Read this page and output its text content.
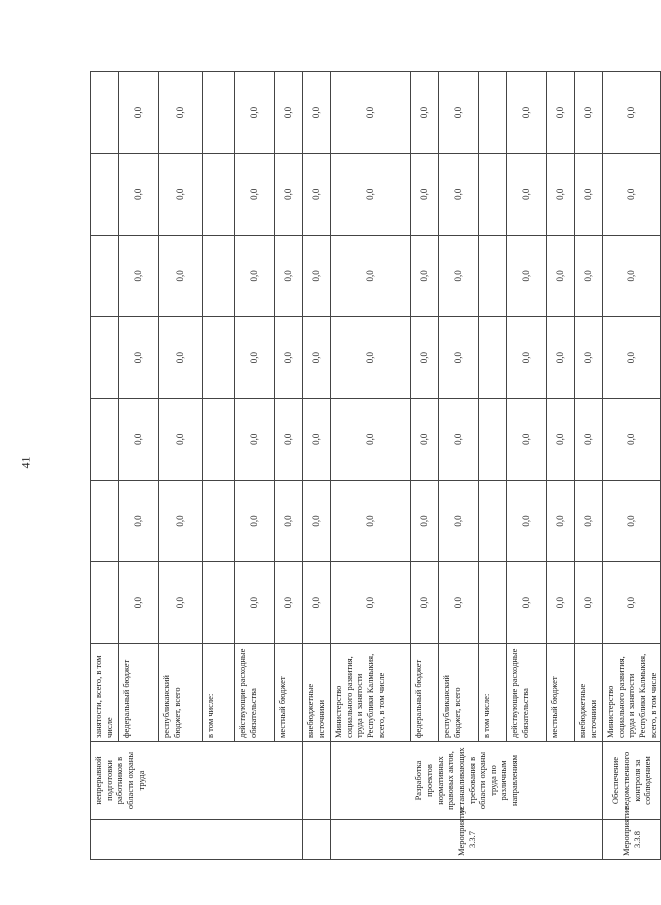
41
	непрерывной подготовки работников в области охраны труда	занятости, всего, в том числе							
		федеральный бюджет	0,0	0,0	0,0	0,0	0,0	0,0	0,0
		республиканский бюджет, всего	0,0	0,0	0,0	0,0	0,0	0,0	0,0
		в том числе:							
		действующие расходные обязательства	0,0	0,0	0,0	0,0	0,0	0,0	0,0
		местный бюджет	0,0	0,0	0,0	0,0	0,0	0,0	0,0
		внебюджетные источники	0,0	0,0	0,0	0,0	0,0	0,0	0,0
Мероприятие 3.3.7	Разработка проектов нормативных правовых актов, устанавливающих требования в области охраны труда по различным направлениям	Министерство социального развития, труда и занятости Республики Калмыкия, всего, в том числе	0,0	0,0	0,0	0,0	0,0	0,0	0,0
		федеральный бюджет	0,0	0,0	0,0	0,0	0,0	0,0	0,0
		республиканский бюджет, всего	0,0	0,0	0,0	0,0	0,0	0,0	0,0
		в том числе:							
		действующие расходные обязательства	0,0	0,0	0,0	0,0	0,0	0,0	0,0
		местный бюджет	0,0	0,0	0,0	0,0	0,0	0,0	0,0
		внебюджетные источники	0,0	0,0	0,0	0,0	0,0	0,0	0,0
Мероприятие 3.3.8	Обеспечение ведомственного контроля за соблюдением	Министерство социального развития, труда и занятости Республики Калмыкия, всего, в том числе	0,0	0,0	0,0	0,0	0,0	0,0	0,0
